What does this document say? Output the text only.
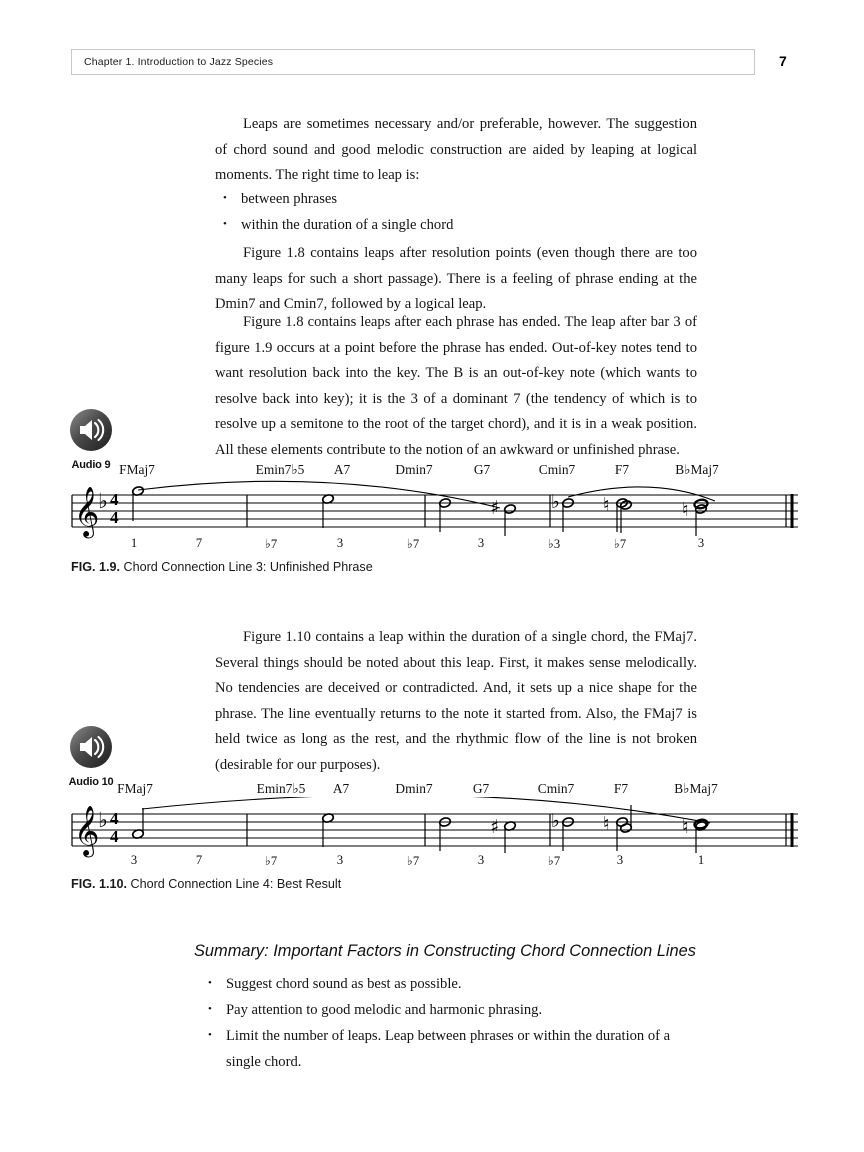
Chapter 1. Introduction to Jazz Species	7
Leaps are sometimes necessary and/or preferable, however. The suggestion of chord sound and good melodic construction are aided by leaping at logical moments. The right time to leap is:
• between phrases
• within the duration of a single chord
Figure 1.8 contains leaps after resolution points (even though there are too many leaps for such a short passage). There is a feeling of phrase ending at the Dmin7 and Cmin7, followed by a logical leap.
Figure 1.8 contains leaps after each phrase has ended. The leap after bar 3 of figure 1.9 occurs at a point before the phrase has ended. Out-of-key notes tend to want resolution back into the key. The B is an out-of-key note (which wants to resolve back into key); it is the 3 of a dominant 7 (the tendency of which is to resolve up a semitone to the root of the target chord), and it is in a weak position. All these elements contribute to the notion of an awkward or unfinished phrase.
Audio 9 FMaj7	Emin7♭5 A7	Dmin7	G7	Cmin7	F7	B♭Maj7
𝄞
♭ 4
4	♯	♮	♮
♭
1	7	♭7	3	♭7	3	♭3	♭7	3
FIG. 1.9. Chord Connection Line 3: Unfinished Phrase
Figure 1.10 contains a leap within the duration of a single chord, the FMaj7. Several things should be noted about this leap. First, it makes sense melodically. No tendencies are deceived or contradicted. And, it sets up a nice shape for the phrase. The line eventually returns to the note it started from. Also, the FMaj7 is held twice as long as the rest, and the rhythmic flow of the line is not broken (desirable for our purposes).
Audio 10 FMaj7	Emin7♭5 A7	Dmin7	G7	Cmin7	F7	B♭Maj7
𝄞
♭ 4
4	♯	♮	♮
♭
3	7	♭7	3	♭7	3	♭7	3	1
FIG. 1.10. Chord Connection Line 4: Best Result
Summary: Important Factors in Constructing Chord Connection Lines
• Suggest chord sound as best as possible.
• Pay attention to good melodic and harmonic phrasing.
• Limit the number of leaps. Leap between phrases or within the duration of a single chord.
